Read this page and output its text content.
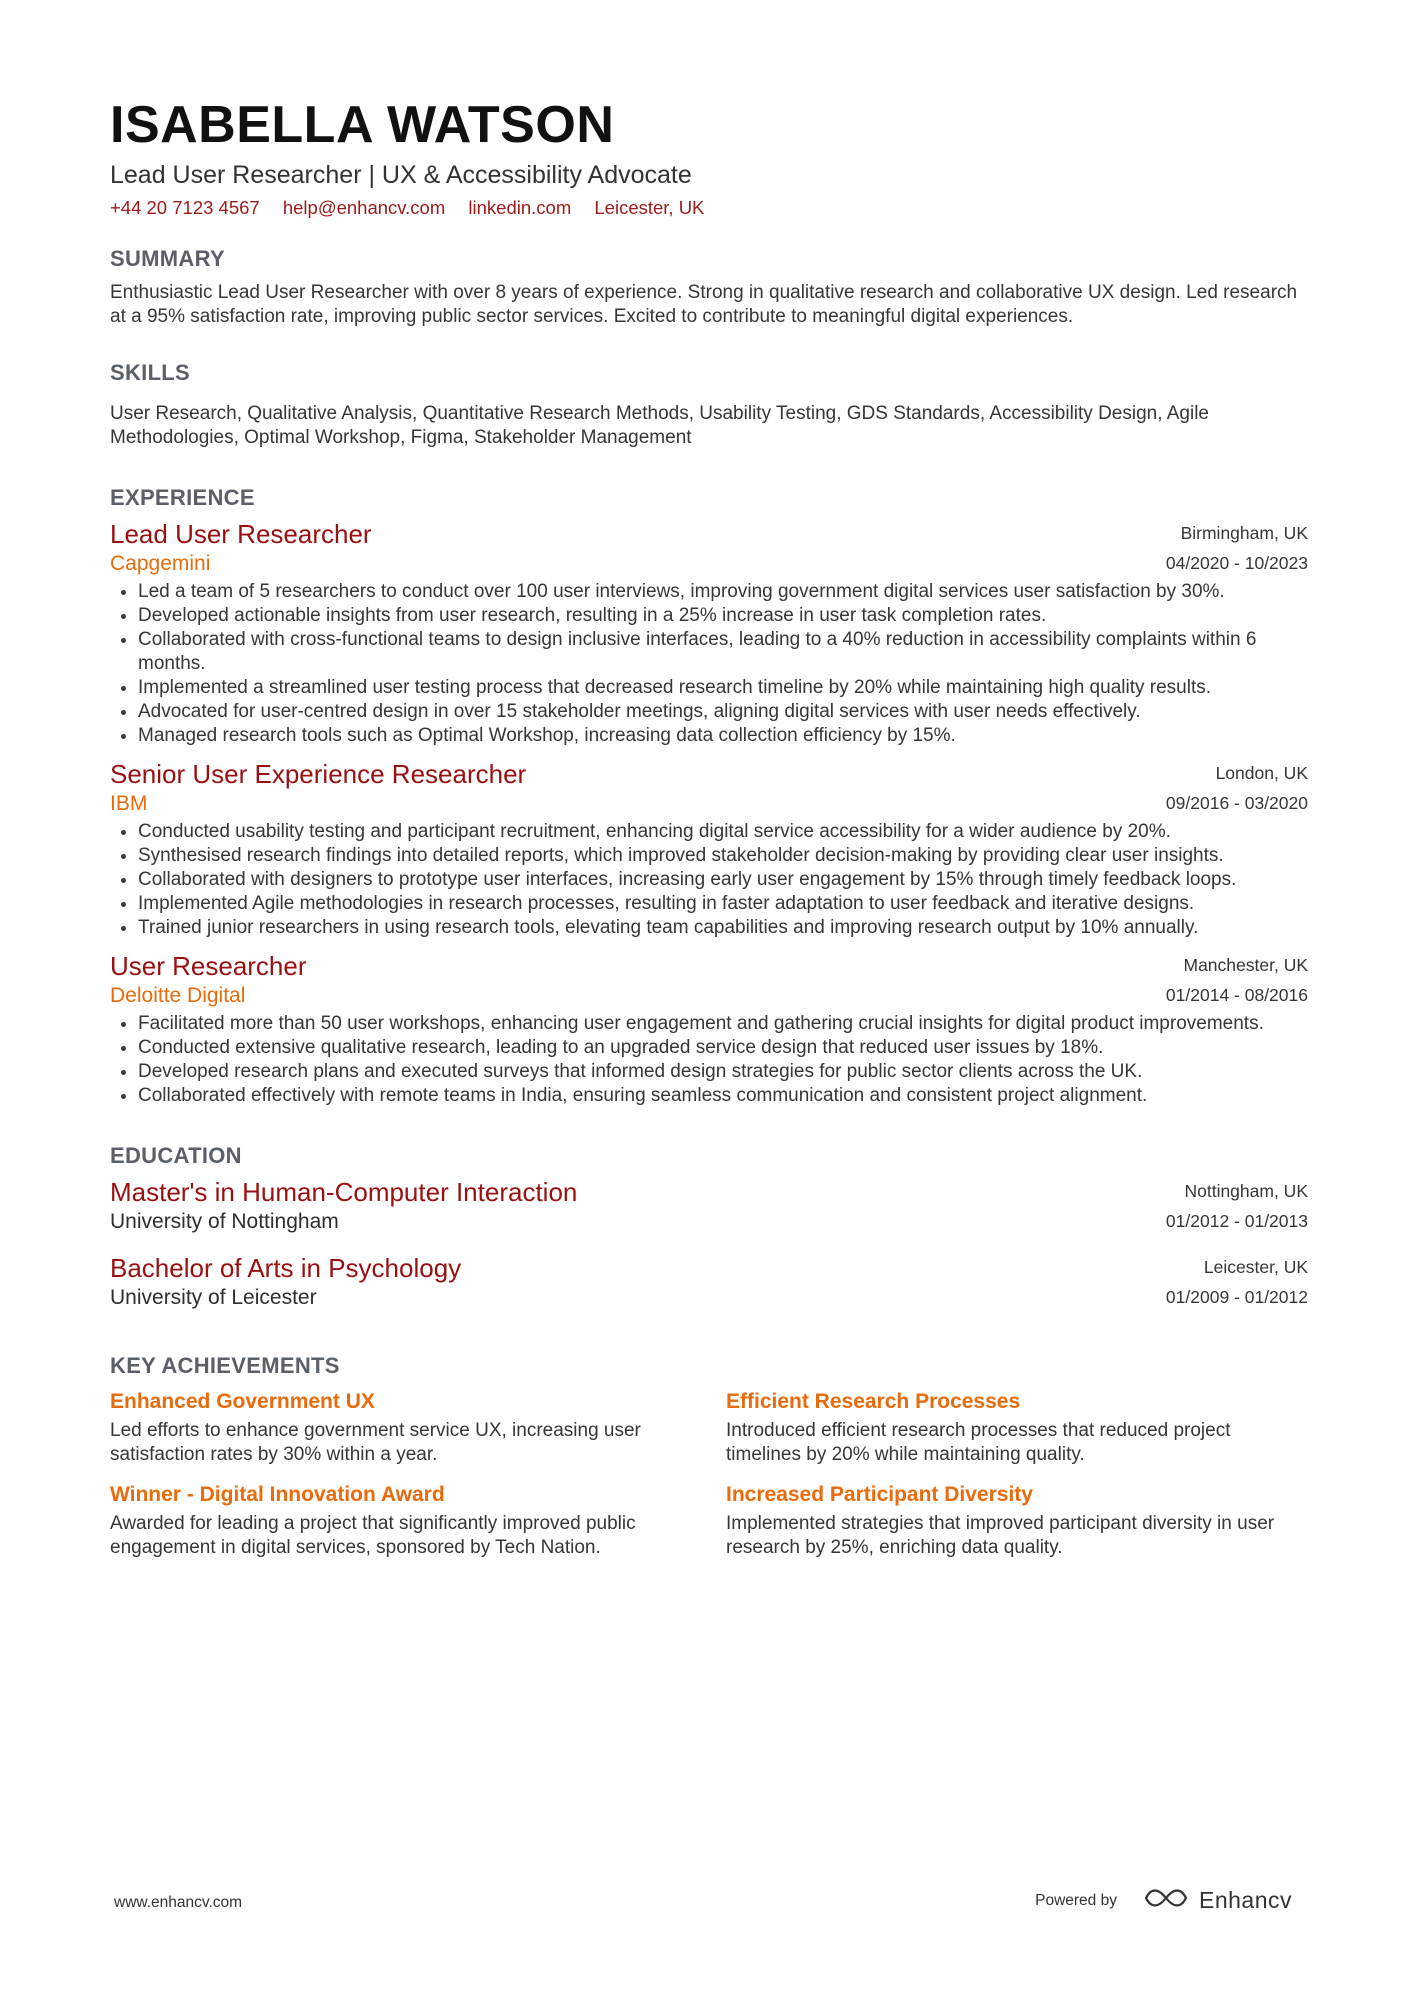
ISABELLA WATSON
Lead User Researcher | UX & Accessibility Advocate
+44 20 7123 4567 help@enhancv.com linkedin.com Leicester, UK
SUMMARY
Enthusiastic Lead User Researcher with over 8 years of experience. Strong in qualitative research and collaborative UX design. Led research at a 95% satisfaction rate, improving public sector services. Excited to contribute to meaningful digital experiences.
SKILLS
User Research, Qualitative Analysis, Quantitative Research Methods, Usability Testing, GDS Standards, Accessibility Design, Agile Methodologies, Optimal Workshop, Figma, Stakeholder Management
EXPERIENCE
Lead User Researcher
Capgemini
Birmingham, UK
04/2020 - 10/2023
• Led a team of 5 researchers to conduct over 100 user interviews, improving government digital services user satisfaction by 30%.
• Developed actionable insights from user research, resulting in a 25% increase in user task completion rates.
• Collaborated with cross-functional teams to design inclusive interfaces, leading to a 40% reduction in accessibility complaints within 6 months.
• Implemented a streamlined user testing process that decreased research timeline by 20% while maintaining high quality results.
• Advocated for user-centred design in over 15 stakeholder meetings, aligning digital services with user needs effectively.
• Managed research tools such as Optimal Workshop, increasing data collection efficiency by 15%.
Senior User Experience Researcher
IBM
London, UK
09/2016 - 03/2020
• Conducted usability testing and participant recruitment, enhancing digital service accessibility for a wider audience by 20%.
• Synthesised research findings into detailed reports, which improved stakeholder decision-making by providing clear user insights.
• Collaborated with designers to prototype user interfaces, increasing early user engagement by 15% through timely feedback loops.
• Implemented Agile methodologies in research processes, resulting in faster adaptation to user feedback and iterative designs.
• Trained junior researchers in using research tools, elevating team capabilities and improving research output by 10% annually.
User Researcher
Deloitte Digital
Manchester, UK
01/2014 - 08/2016
• Facilitated more than 50 user workshops, enhancing user engagement and gathering crucial insights for digital product improvements.
• Conducted extensive qualitative research, leading to an upgraded service design that reduced user issues by 18%.
• Developed research plans and executed surveys that informed design strategies for public sector clients across the UK.
• Collaborated effectively with remote teams in India, ensuring seamless communication and consistent project alignment.
EDUCATION
Master's in Human-Computer Interaction
University of Nottingham
Nottingham, UK
01/2012 - 01/2013
Bachelor of Arts in Psychology
University of Leicester
Leicester, UK
01/2009 - 01/2012
KEY ACHIEVEMENTS
Enhanced Government UX
Led efforts to enhance government service UX, increasing user satisfaction rates by 30% within a year.
Efficient Research Processes
Introduced efficient research processes that reduced project timelines by 20% while maintaining quality.
Winner - Digital Innovation Award
Awarded for leading a project that significantly improved public engagement in digital services, sponsored by Tech Nation.
Increased Participant Diversity
Implemented strategies that improved participant diversity in user research by 25%, enriching data quality.
www.enhancv.com	Powered by	Enhancv
